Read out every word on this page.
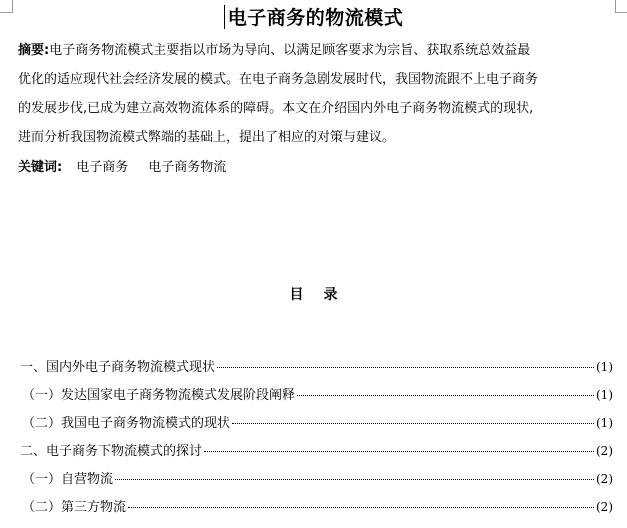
电子商务的物流模式
摘要:电子商务物流模式主要指以市场为导向、以满足顾客要求为宗旨、获取系统总效益最
优化的适应现代社会经济发展的模式。在电子商务急剧发展时代，我国物流跟不上电子商务
的发展步伐,已成为建立高效物流体系的障碍。本文在介绍国内外电子商务物流模式的现状,
进而分析我国物流模式弊端的基础上，提出了相应的对策与建议。
关键词: 电子商务 电子商务物流
目 录
一、国内外电子商务物流模式现状	(1)
（一）发达国家电子商务物流模式发展阶段阐释	(1)
（二）我国电子商务物流模式的现状	(1)
二、电子商务下物流模式的探讨	(2)
（一）自营物流	(2)
（二）第三方物流	(2)
